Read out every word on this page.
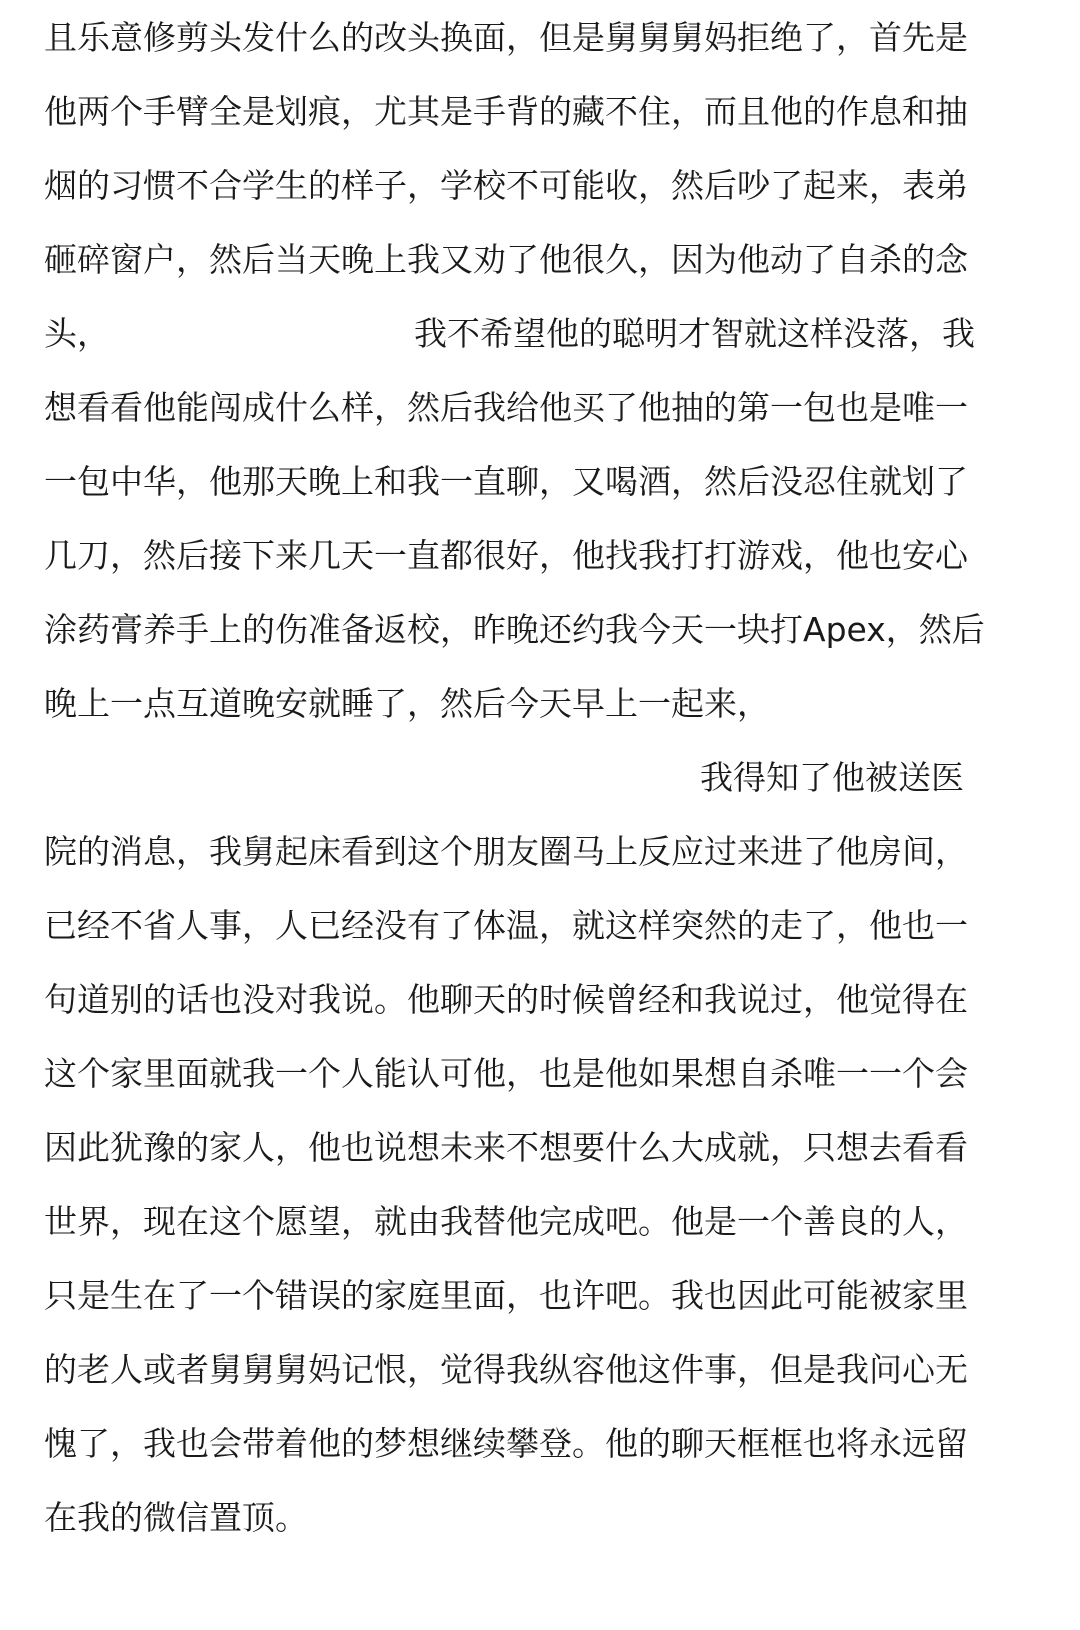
且乐意修剪头发什么的改头换面，但是舅舅舅妈拒绝了，首先是
他两个手臂全是划痕，尤其是手背的藏不住，而且他的作息和抽
烟的习惯不合学生的样子，学校不可能收，然后吵了起来，表弟
砸碎窗户，然后当天晚上我又劝了他很久，因为他动了自杀的念
头，	我不希望他的聪明才智就这样没落，我
想看看他能闯成什么样，然后我给他买了他抽的第一包也是唯一
一包中华，他那天晚上和我一直聊，又喝酒，然后没忍住就划了
几刀，然后接下来几天一直都很好，他找我打打游戏，他也安心
涂药膏养手上的伤准备返校，昨晚还约我今天一块打Apex，然后
晚上一点互道晚安就睡了，然后今天早上一起来，
我得知了他被送医
院的消息，我舅起床看到这个朋友圈马上反应过来进了他房间，
已经不省人事，人已经没有了体温，就这样突然的走了，他也一
句道别的话也没对我说。他聊天的时候曾经和我说过，他觉得在
这个家里面就我一个人能认可他，也是他如果想自杀唯一一个会
因此犹豫的家人，他也说想未来不想要什么大成就，只想去看看
世界，现在这个愿望，就由我替他完成吧。他是一个善良的人，
只是生在了一个错误的家庭里面，也许吧。我也因此可能被家里
的老人或者舅舅舅妈记恨，觉得我纵容他这件事，但是我问心无
愧了，我也会带着他的梦想继续攀登。他的聊天框框也将永远留
在我的微信置顶。
